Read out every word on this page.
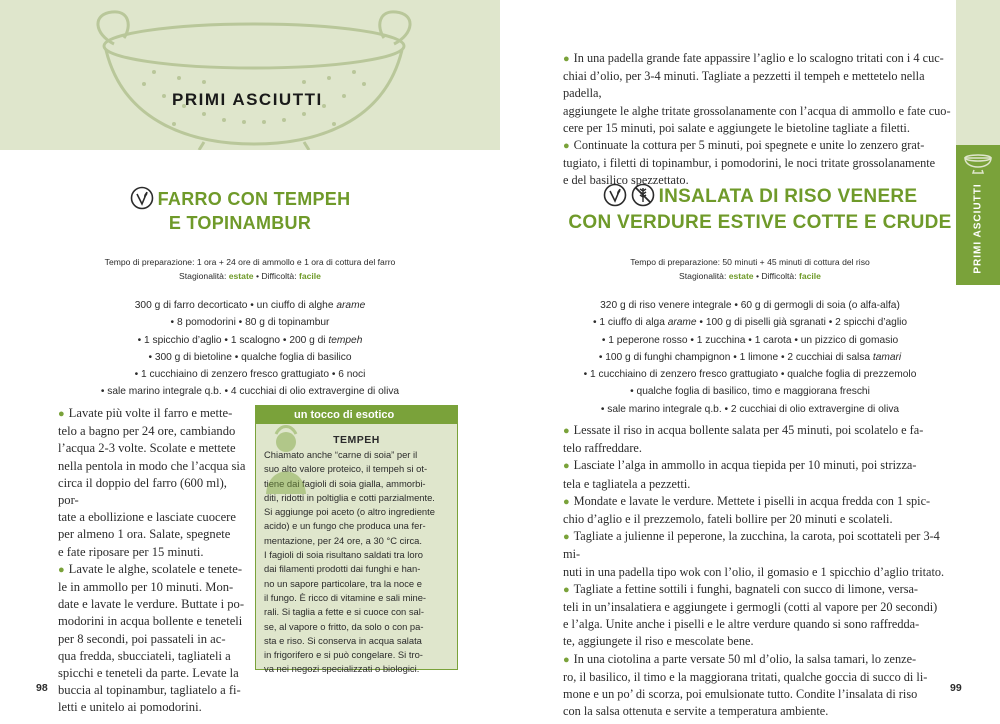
PRIMI ASCIUTTI
FARRO CON TEMPEH
E TOPINAMBUR
Tempo di preparazione: 1 ora + 24 ore di ammollo e 1 ora di cottura del farro
Stagionalità: estate • Difficoltà: facile
300 g di farro decorticato • un ciuffo di alghe arame
• 8 pomodorini • 80 g di topinambur
• 1 spicchio d’aglio • 1 scalogno • 200 g di tempeh
• 300 g di bietoline • qualche foglia di basilico
• 1 cucchiaino di zenzero fresco grattugiato • 6 noci
• sale marino integrale q.b. • 4 cucchiai di olio extravergine di oliva

● Lavate più volte il farro e mette-

telo a bagno per 24 ore, cambiando

l’acqua 2-3 volte. Scolate e mettete

nella pentola in modo che l’acqua sia

circa il doppio del farro (600 ml), por-

tate a ebollizione e lasciate cuocere

per almeno 1 ora. Salate, spegnete

e fate riposare per 15 minuti.

● Lavate le alghe, scolatele e tenete-

le in ammollo per 10 minuti. Mon-

date e lavate le verdure. Buttate i po-

modorini in acqua bollente e teneteli

per 8 secondi, poi passateli in ac-

qua fredda, sbucciateli, tagliateli a

spicchi e teneteli da parte. Levate la

buccia al topinambur, tagliatelo a fi-

letti e unitelo ai pomodorini.

un tocco di esotico
TEMPEH
Chiamato anche “carne di soia” per il
suo alto valore proteico, il tempeh si ot-
tiene dai fagioli di soia gialla, ammorbi-
diti, ridotti in poltiglia e cotti parzialmente.
Si aggiunge poi aceto (o altro ingrediente
acido) e un fungo che produca una fer-
mentazione, per 24 ore, a 30 °C circa.
I fagioli di soia risultano saldati tra loro
dai filamenti prodotti dai funghi e han-
no un sapore particolare, tra la noce e
il fungo. È ricco di vitamine e sali mine-
rali. Si taglia a fette e si cuoce con sal-
se, al vapore o fritto, da solo o con pa-
sta e riso. Si conserva in acqua salata
in frigorifero e si può congelare. Si tro-
va nei negozi specializzati o biologici.
98
PRIMI ASCIUTTI

● In una padella grande fate appassire l’aglio e lo scalogno tritati con i 4 cuc-

chiai d’olio, per 3-4 minuti. Tagliate a pezzetti il tempeh e mettetelo nella padella,

aggiungete le alghe tritate grossolanamente con l’acqua di ammollo e fate cuo-

cere per 15 minuti, poi salate e aggiungete le bietoline tagliate a filetti.

● Continuate la cottura per 5 minuti, poi spegnete e unite lo zenzero grat-

tugiato, i filetti di topinambur, i pomodorini, le noci tritate grossolanamente

e del basilico spezzettato.

INSALATA DI RISO VENERE
CON VERDURE ESTIVE COTTE E CRUDE
Tempo di preparazione: 50 minuti + 45 minuti di cottura del riso
Stagionalità: estate • Difficoltà: facile
320 g di riso venere integrale • 60 g di germogli di soia (o alfa-alfa)
• 1 ciuffo di alga arame • 100 g di piselli già sgranati • 2 spicchi d’aglio
• 1 peperone rosso • 1 zucchina • 1 carota • un pizzico di gomasio
• 100 g di funghi champignon • 1 limone • 2 cucchiai di salsa tamari
• 1 cucchiaino di zenzero fresco grattugiato • qualche foglia di prezzemolo
• qualche foglia di basilico, timo e maggiorana freschi
• sale marino integrale q.b. • 2 cucchiai di olio extravergine di oliva

● Lessate il riso in acqua bollente salata per 45 minuti, poi scolatelo e fa-

telo raffreddare.

● Lasciate l’alga in ammollo in acqua tiepida per 10 minuti, poi strizza-

tela e tagliatela a pezzetti.

● Mondate e lavate le verdure. Mettete i piselli in acqua fredda con 1 spic-

chio d’aglio e il prezzemolo, fateli bollire per 20 minuti e scolateli.

● Tagliate a julienne il peperone, la zucchina, la carota, poi scottateli per 3-4 mi-

nuti in una padella tipo wok con l’olio, il gomasio e 1 spicchio d’aglio tritato.

● Tagliate a fettine sottili i funghi, bagnateli con succo di limone, versa-

teli in un’insalatiera e aggiungete i germogli (cotti al vapore per 20 secondi)

e l’alga. Unite anche i piselli e le altre verdure quando si sono raffredda-

te, aggiungete il riso e mescolate bene.

● In una ciotolina a parte versate 50 ml d’olio, la salsa tamari, lo zenze-

ro, il basilico, il timo e la maggiorana tritati, qualche goccia di succo di li-

mone e un po’ di scorza, poi emulsionate tutto. Condite l’insalata di riso

con la salsa ottenuta e servite a temperatura ambiente.

99
